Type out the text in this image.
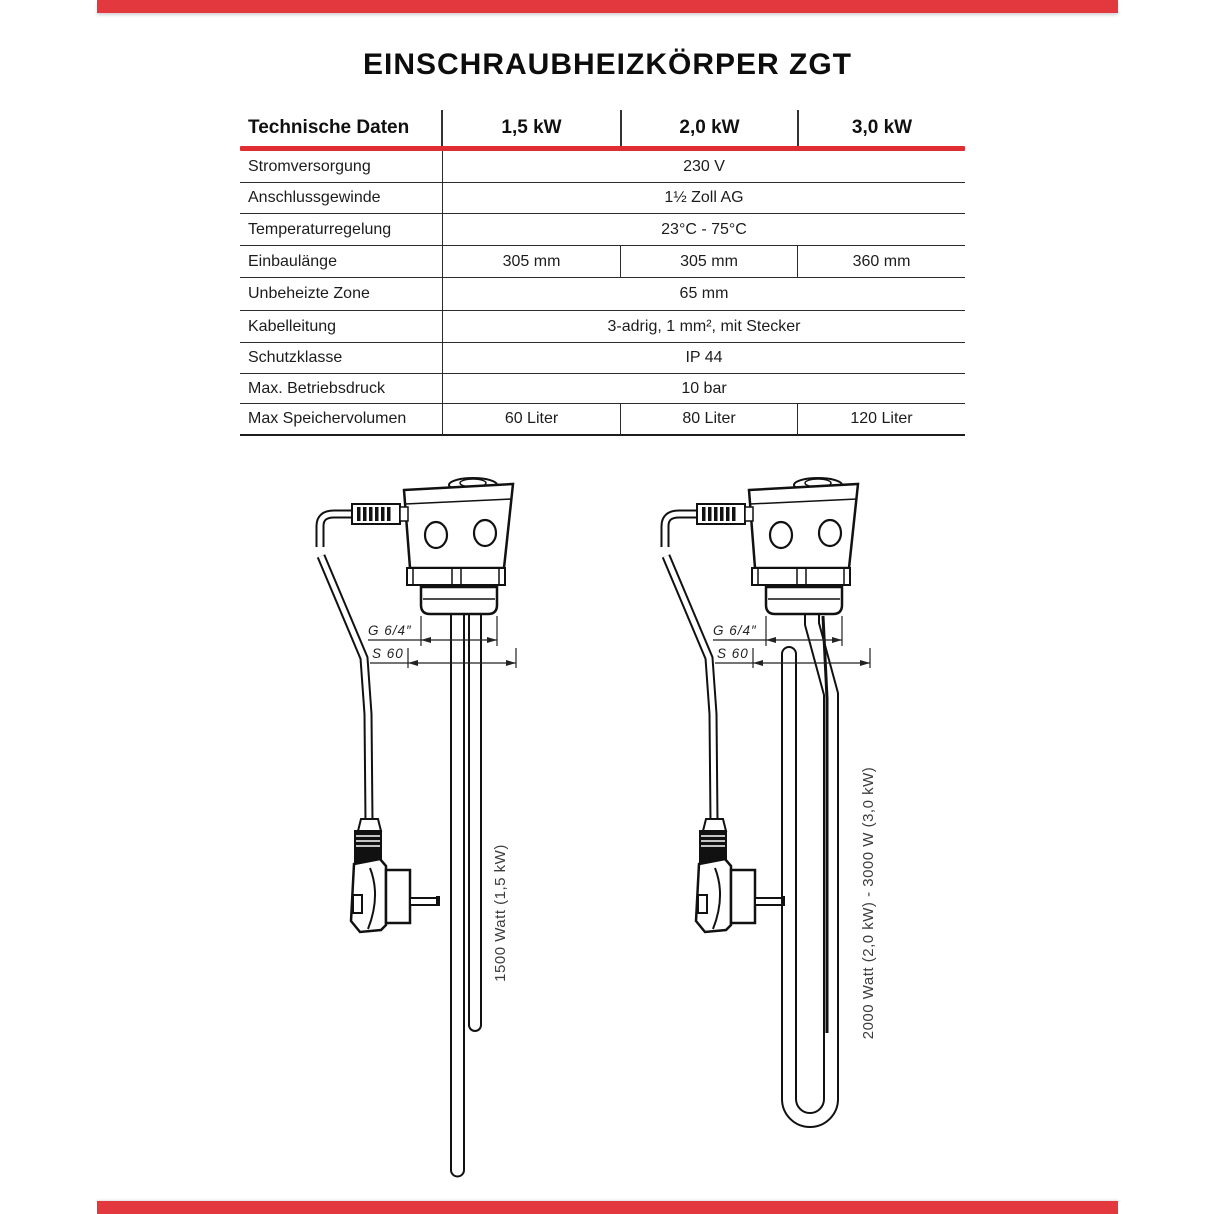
EINSCHRAUBHEIZKÖRPER ZGT
Technische Daten	1,5 kW	2,0 kW	3,0 kW
Stromversorgung	230 V
Anschlussgewinde	1½ Zoll AG
Temperaturregelung	23°C - 75°C
Einbaulänge	305 mm	305 mm	360 mm
Unbeheizte Zone	65 mm
Kabelleitung	3-adrig, 1 mm², mit Stecker
Schutzklasse	IP 44
Max. Betriebsdruck	10 bar
Max Speichervolumen	60 Liter	80 Liter	120 Liter
G 6/4″
S 60
1500 Watt (1,5 kW)
G 6/4″
S 60
2000 Watt (2,0 kW) - 3000 W (3,0 kW)
